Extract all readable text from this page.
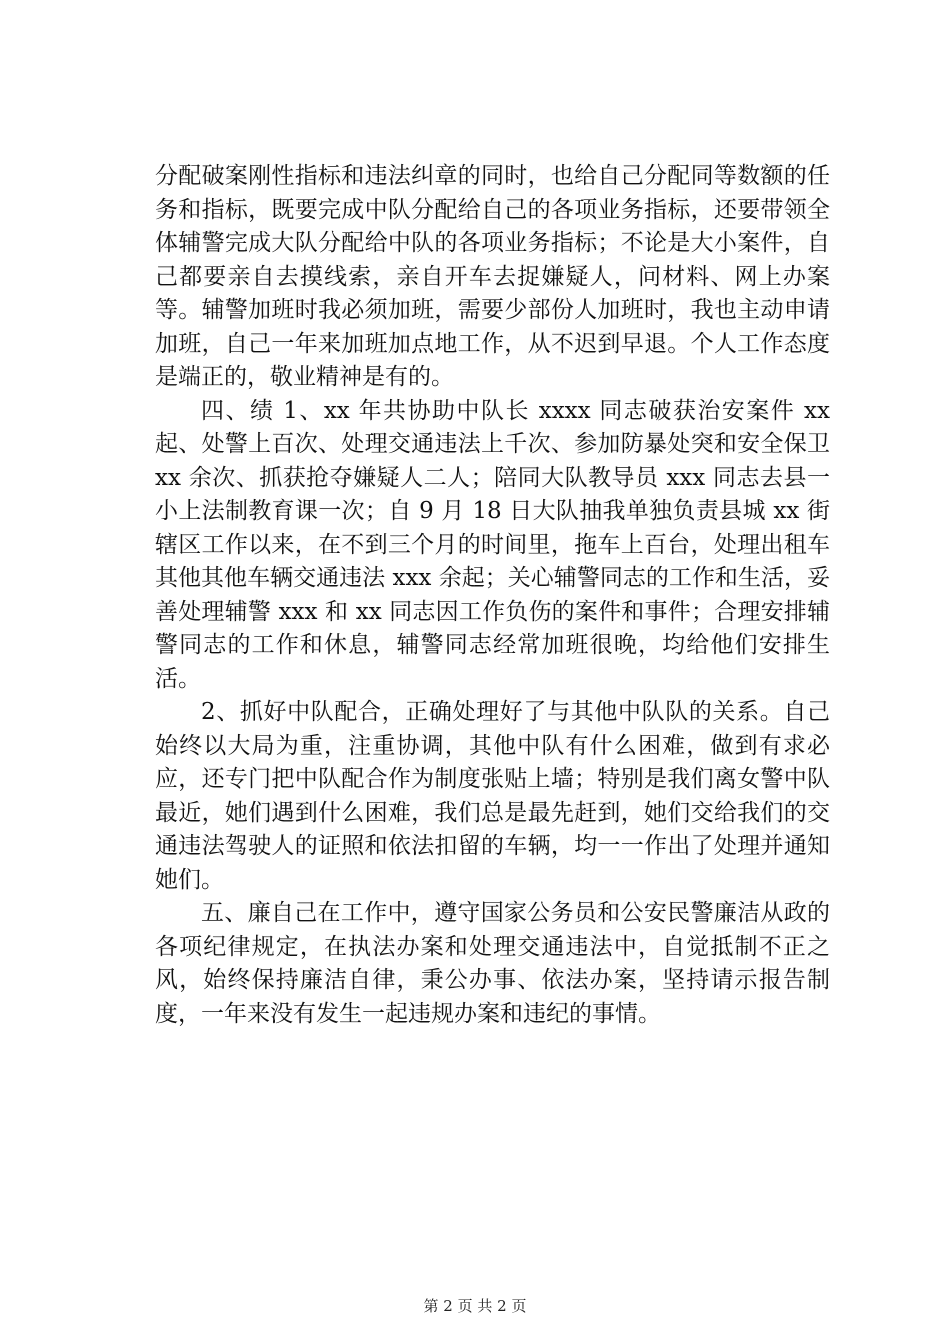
分配破案刚性指标和违法纠章的同时，也给自己分配同等数额的任务和指标，既要完成中队分配给自己的各项业务指标，还要带领全体辅警完成大队分配给中队的各项业务指标；不论是大小案件，自己都要亲自去摸线索，亲自开车去捉嫌疑人，问材料、网上办案等。辅警加班时我必须加班，需要少部份人加班时，我也主动申请加班，自己一年来加班加点地工作，从不迟到早退。个人工作态度是端正的，敬业精神是有的。

四、绩 1、xx 年共协助中队长 xxxx 同志破获治安案件 xx 起、处警上百次、处理交通违法上千次、参加防暴处突和安全保卫 xx 余次、抓获抢夺嫌疑人二人；陪同大队教导员 xxx 同志去县一小上法制教育课一次；自 9 月 18 日大队抽我单独负责县城 xx 街辖区工作以来，在不到三个月的时间里，拖车上百台，处理出租车其他其他车辆交通违法 xxx 余起；关心辅警同志的工作和生活，妥善处理辅警 xxx 和 xx 同志因工作负伤的案件和事件；合理安排辅警同志的工作和休息，辅警同志经常加班很晚，均给他们安排生活。

2、抓好中队配合，正确处理好了与其他中队队的关系。自己始终以大局为重，注重协调，其他中队有什么困难，做到有求必应，还专门把中队配合作为制度张贴上墙；特别是我们离女警中队最近，她们遇到什么困难，我们总是最先赶到，她们交给我们的交通违法驾驶人的证照和依法扣留的车辆，均一一作出了处理并通知她们。

五、廉自己在工作中，遵守国家公务员和公安民警廉洁从政的各项纪律规定，在执法办案和处理交通违法中，自觉抵制不正之风，始终保持廉洁自律，秉公办事、依法办案，坚持请示报告制度，一年来没有发生一起违规办案和违纪的事情。

第 2 页 共 2 页
